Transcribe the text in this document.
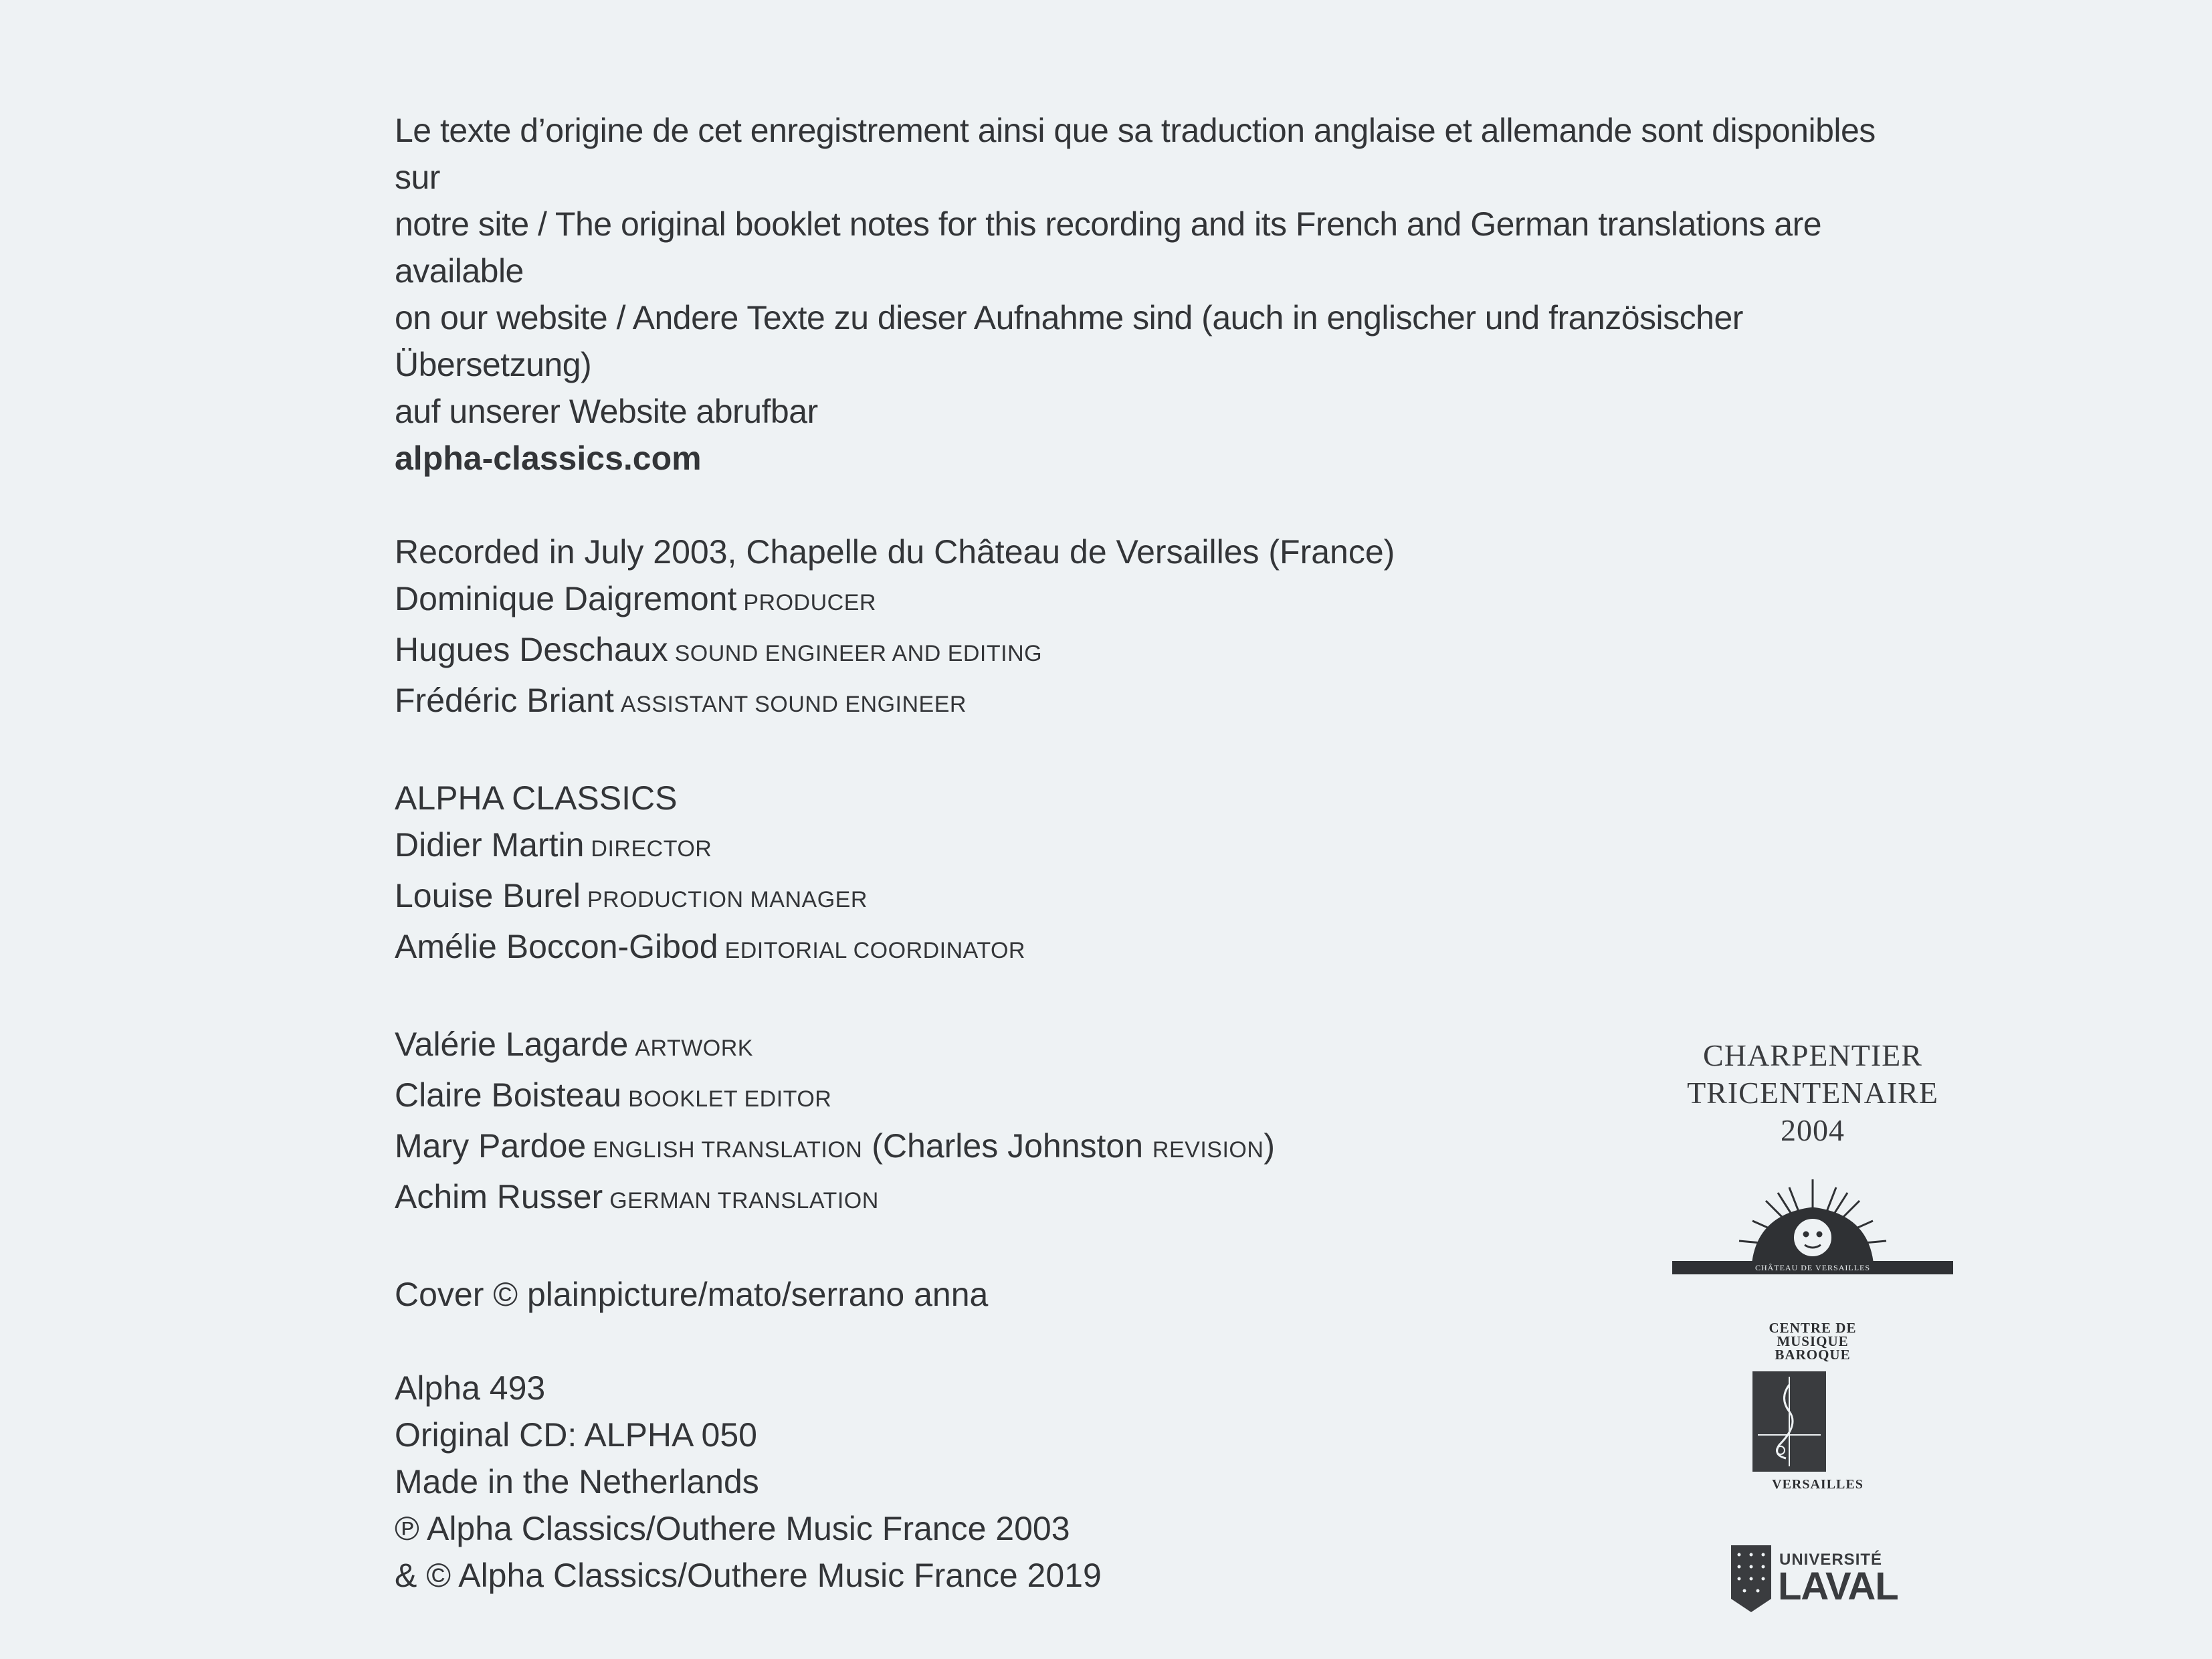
Le texte d’origine de cet enregistrement ainsi que sa traduction anglaise et allemande sont disponibles sur

notre site / The original booklet notes for this recording and its French and German translations are available

on our website / Andere Texte zu dieser Aufnahme sind (auch in englischer und französischer Übersetzung)

auf unserer Website abrufbar

alpha-classics.com

Recorded in July 2003, Chapelle du Château de Versailles (France)

Dominique Daigremont PRODUCER

Hugues Deschaux SOUND ENGINEER AND EDITING

Frédéric Briant ASSISTANT SOUND ENGINEER

ALPHA CLASSICS

Didier Martin DIRECTOR

Louise Burel PRODUCTION MANAGER

Amélie Boccon-Gibod EDITORIAL COORDINATOR

Valérie Lagarde ARTWORK

Claire Boisteau BOOKLET EDITOR

Mary Pardoe ENGLISH TRANSLATION (Charles Johnston REVISION)

Achim Russer GERMAN TRANSLATION

Cover © plainpicture/mato/serrano anna

Alpha 493

Original CD: ALPHA 050

Made in the Netherlands

℗ Alpha Classics/Outhere Music France 2003

& © Alpha Classics/Outhere Music France 2019

CHARPENTIER
TRICENTENAIRE
2004
CHÂTEAU DE VERSAILLES
CENTRE DE
MUSIQUE
BAROQUE
VERSAILLES
UNIVERSITÉ
LAVAL
